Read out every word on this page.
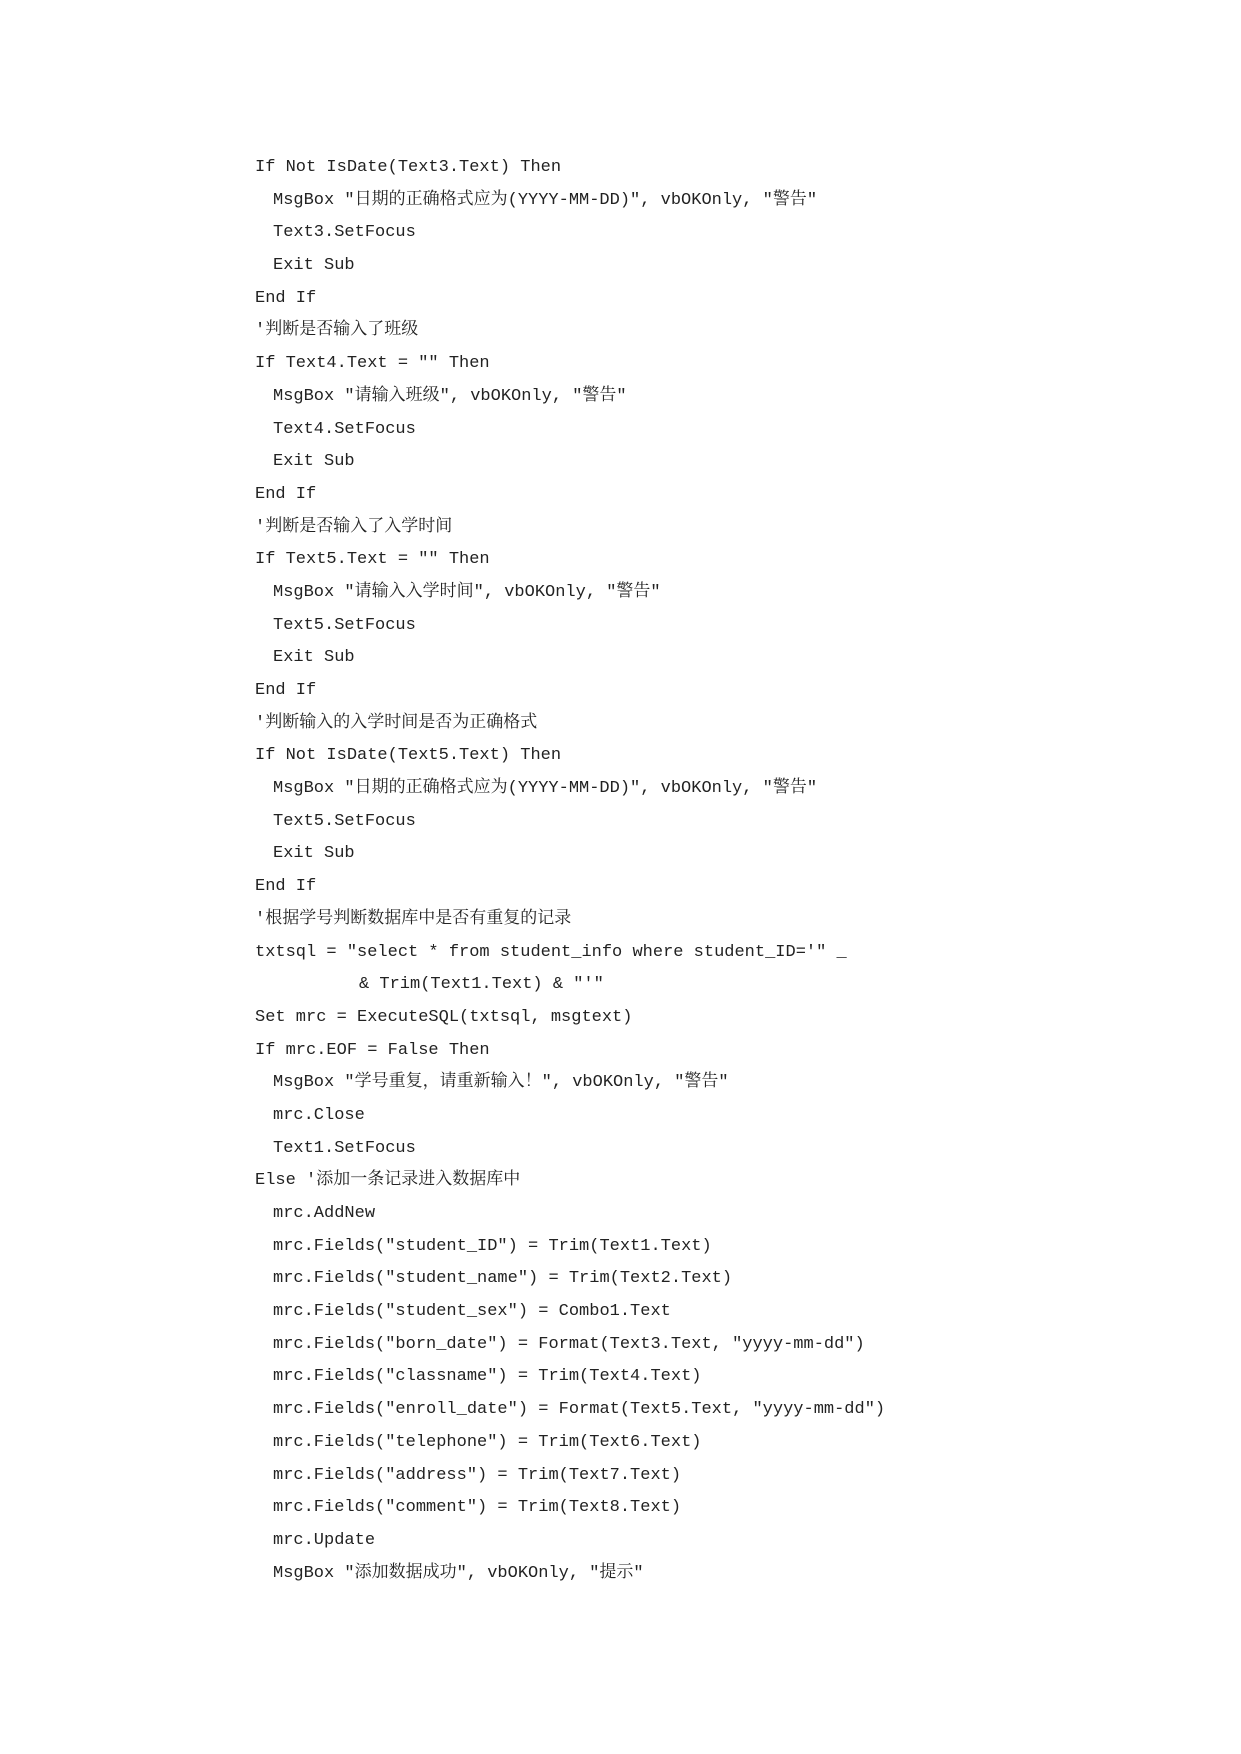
If Not IsDate(Text3.Text) Then
MsgBox "日期的正确格式应为(YYYY-MM-DD)", vbOKOnly, "警告"
Text3.SetFocus
Exit Sub
End If
'判断是否输入了班级
If Text4.Text = "" Then
MsgBox "请输入班级", vbOKOnly, "警告"
Text4.SetFocus
Exit Sub
End If
'判断是否输入了入学时间
If Text5.Text = "" Then
MsgBox "请输入入学时间", vbOKOnly, "警告"
Text5.SetFocus
Exit Sub
End If
'判断输入的入学时间是否为正确格式
If Not IsDate(Text5.Text) Then
MsgBox "日期的正确格式应为(YYYY-MM-DD)", vbOKOnly, "警告"
Text5.SetFocus
Exit Sub
End If
'根据学号判断数据库中是否有重复的记录
txtsql = "select * from student_info where student_ID='" _
& Trim(Text1.Text) & "'"
Set mrc = ExecuteSQL(txtsql, msgtext)
If mrc.EOF = False Then
MsgBox "学号重复，请重新输入！", vbOKOnly, "警告"
mrc.Close
Text1.SetFocus
Else '添加一条记录进入数据库中
mrc.AddNew
mrc.Fields("student_ID") = Trim(Text1.Text)
mrc.Fields("student_name") = Trim(Text2.Text)
mrc.Fields("student_sex") = Combo1.Text
mrc.Fields("born_date") = Format(Text3.Text, "yyyy-mm-dd")
mrc.Fields("classname") = Trim(Text4.Text)
mrc.Fields("enroll_date") = Format(Text5.Text, "yyyy-mm-dd")
mrc.Fields("telephone") = Trim(Text6.Text)
mrc.Fields("address") = Trim(Text7.Text)
mrc.Fields("comment") = Trim(Text8.Text)
mrc.Update
MsgBox "添加数据成功", vbOKOnly, "提示"
